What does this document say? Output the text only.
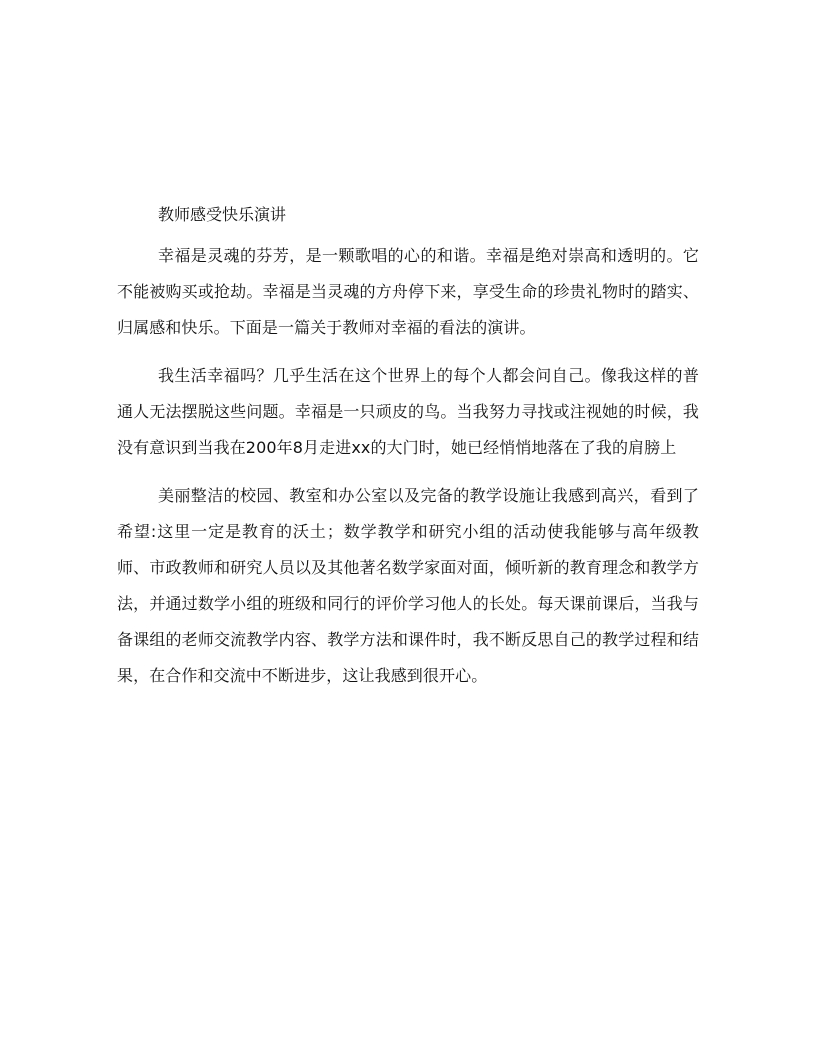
教师感受快乐演讲

幸福是灵魂的芬芳，是一颗歌唱的心的和谐。幸福是绝对崇高和透明的。它不能被购买或抢劫。幸福是当灵魂的方舟停下来，享受生命的珍贵礼物时的踏实、归属感和快乐。下面是一篇关于教师对幸福的看法的演讲。

我生活幸福吗？几乎生活在这个世界上的每个人都会问自己。像我这样的普通人无法摆脱这些问题。幸福是一只顽皮的鸟。当我努力寻找或注视她的时候，我没有意识到当我在200年8月走进xx的大门时，她已经悄悄地落在了我的肩膀上

美丽整洁的校园、教室和办公室以及完备的教学设施让我感到高兴，看到了希望:这里一定是教育的沃土；数学教学和研究小组的活动使我能够与高年级教师、市政教师和研究人员以及其他著名数学家面对面，倾听新的教育理念和教学方法，并通过数学小组的班级和同行的评价学习他人的长处。每天课前课后，当我与备课组的老师交流教学内容、教学方法和课件时，我不断反思自己的教学过程和结果，在合作和交流中不断进步，这让我感到很开心。
